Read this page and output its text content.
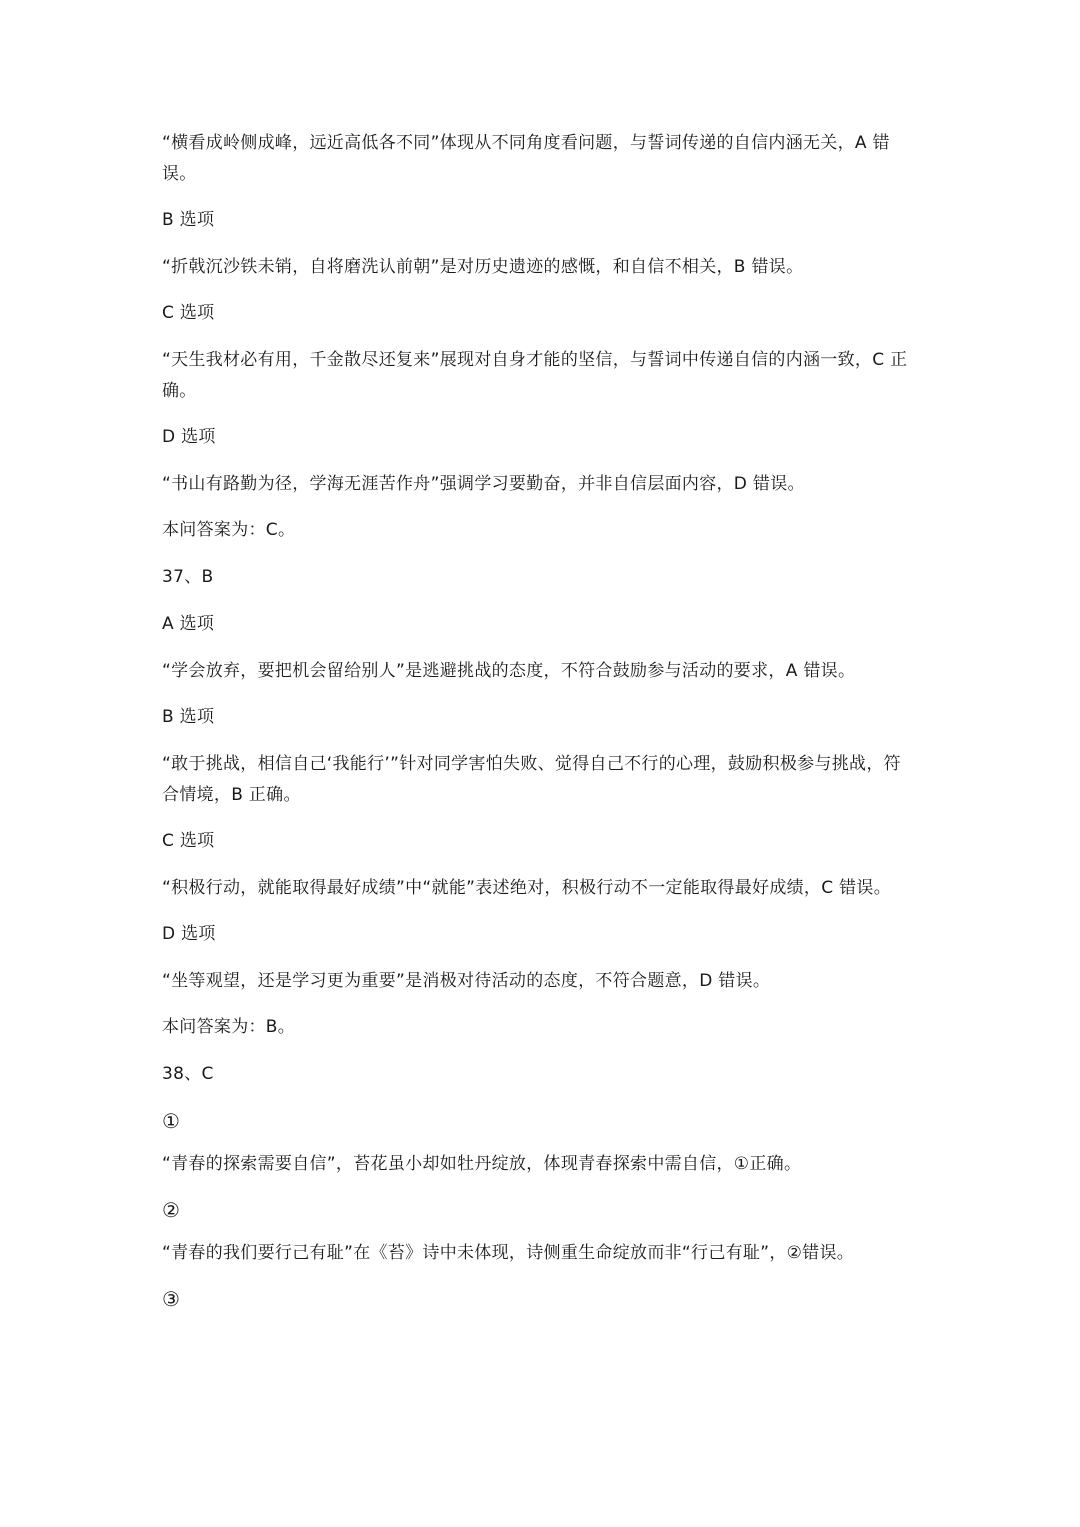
“横看成岭侧成峰，远近高低各不同”体现从不同角度看问题，与誓词传递的自信内涵无关，A 错误。

B 选项

“折戟沉沙铁未销，自将磨洗认前朝”是对历史遗迹的感慨，和自信不相关，B 错误。

C 选项

“天生我材必有用，千金散尽还复来”展现对自身才能的坚信，与誓词中传递自信的内涵一致，C 正确。

D 选项

“书山有路勤为径，学海无涯苦作舟”强调学习要勤奋，并非自信层面内容，D 错误。

本问答案为：C。

37、B

A 选项

“学会放弃，要把机会留给别人”是逃避挑战的态度，不符合鼓励参与活动的要求，A 错误。

B 选项

“敢于挑战，相信自己‘我能行’”针对同学害怕失败、觉得自己不行的心理，鼓励积极参与挑战，符合情境，B 正确。

C 选项

“积极行动，就能取得最好成绩”中“就能”表述绝对，积极行动不一定能取得最好成绩，C 错误。

D 选项

“坐等观望，还是学习更为重要”是消极对待活动的态度，不符合题意，D 错误。

本问答案为：B。

38、C

①

“青春的探索需要自信”，苔花虽小却如牡丹绽放，体现青春探索中需自信，①正确。

②

“青春的我们要行己有耻”在《苔》诗中未体现，诗侧重生命绽放而非“行己有耻”，②错误。

③
